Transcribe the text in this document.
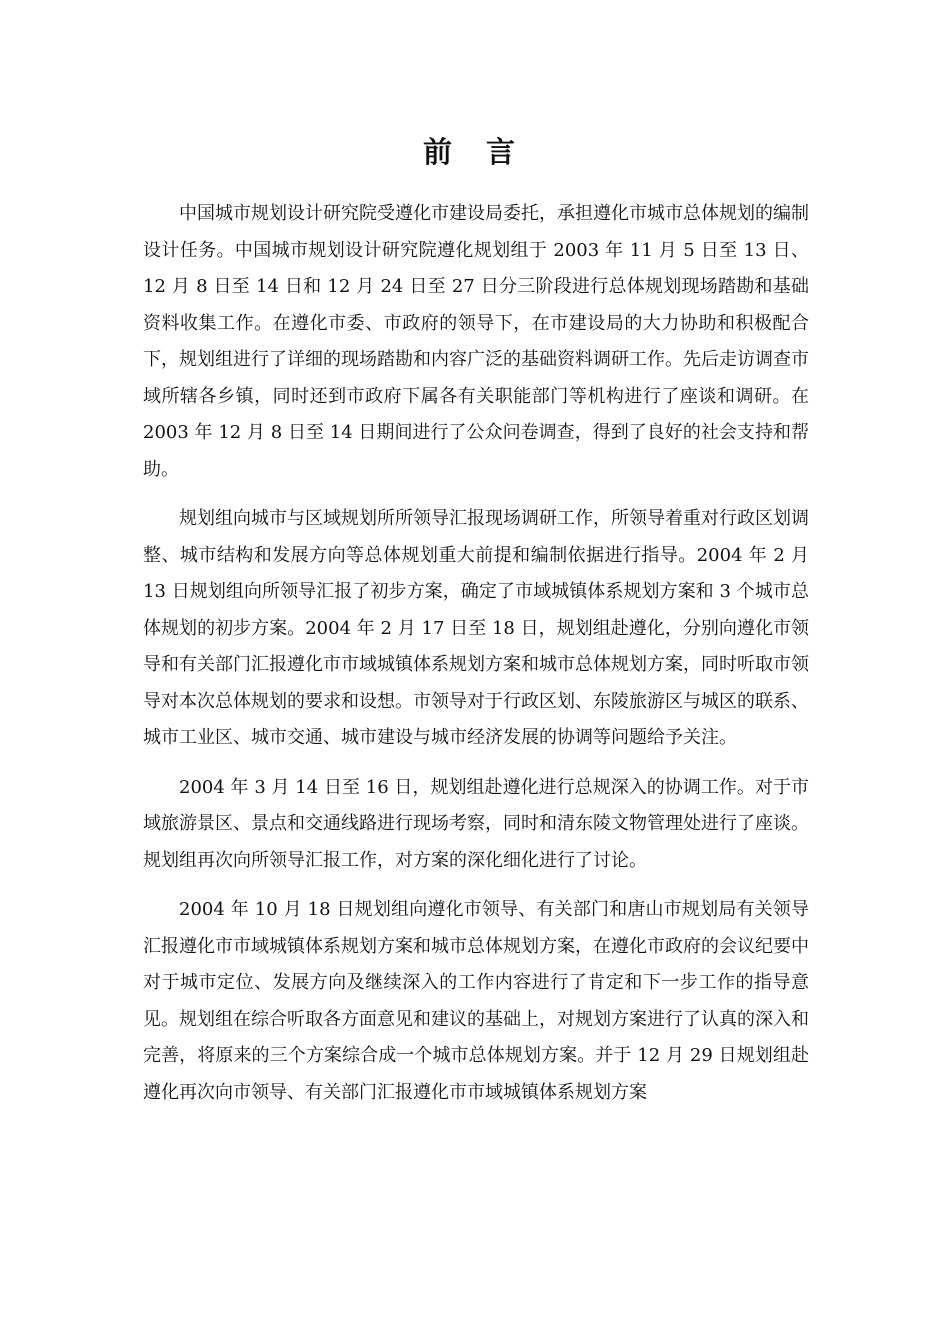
前 言

中国城市规划设计研究院受遵化市建设局委托，承担遵化市城市总体规划的编制设计任务。中国城市规划设计研究院遵化规划组于 2003 年 11 月 5 日至 13 日、12 月 8 日至 14 日和 12 月 24 日至 27 日分三阶段进行总体规划现场踏勘和基础资料收集工作。在遵化市委、市政府的领导下，在市建设局的大力协助和积极配合下，规划组进行了详细的现场踏勘和内容广泛的基础资料调研工作。先后走访调查市域所辖各乡镇，同时还到市政府下属各有关职能部门等机构进行了座谈和调研。在 2003 年 12 月 8 日至 14 日期间进行了公众问卷调查，得到了良好的社会支持和帮助。

规划组向城市与区域规划所所领导汇报现场调研工作，所领导着重对行政区划调整、城市结构和发展方向等总体规划重大前提和编制依据进行指导。2004 年 2 月 13 日规划组向所领导汇报了初步方案，确定了市域城镇体系规划方案和 3 个城市总体规划的初步方案。2004 年 2 月 17 日至 18 日，规划组赴遵化，分别向遵化市领导和有关部门汇报遵化市市域城镇体系规划方案和城市总体规划方案，同时听取市领导对本次总体规划的要求和设想。市领导对于行政区划、东陵旅游区与城区的联系、城市工业区、城市交通、城市建设与城市经济发展的协调等问题给予关注。

2004 年 3 月 14 日至 16 日，规划组赴遵化进行总规深入的协调工作。对于市域旅游景区、景点和交通线路进行现场考察，同时和清东陵文物管理处进行了座谈。规划组再次向所领导汇报工作，对方案的深化细化进行了讨论。

2004 年 10 月 18 日规划组向遵化市领导、有关部门和唐山市规划局有关领导汇报遵化市市域城镇体系规划方案和城市总体规划方案，在遵化市政府的会议纪要中对于城市定位、发展方向及继续深入的工作内容进行了肯定和下一步工作的指导意见。规划组在综合听取各方面意见和建议的基础上，对规划方案进行了认真的深入和完善，将原来的三个方案综合成一个城市总体规划方案。并于 12 月 29 日规划组赴遵化再次向市领导、有关部门汇报遵化市市域城镇体系规划方案
